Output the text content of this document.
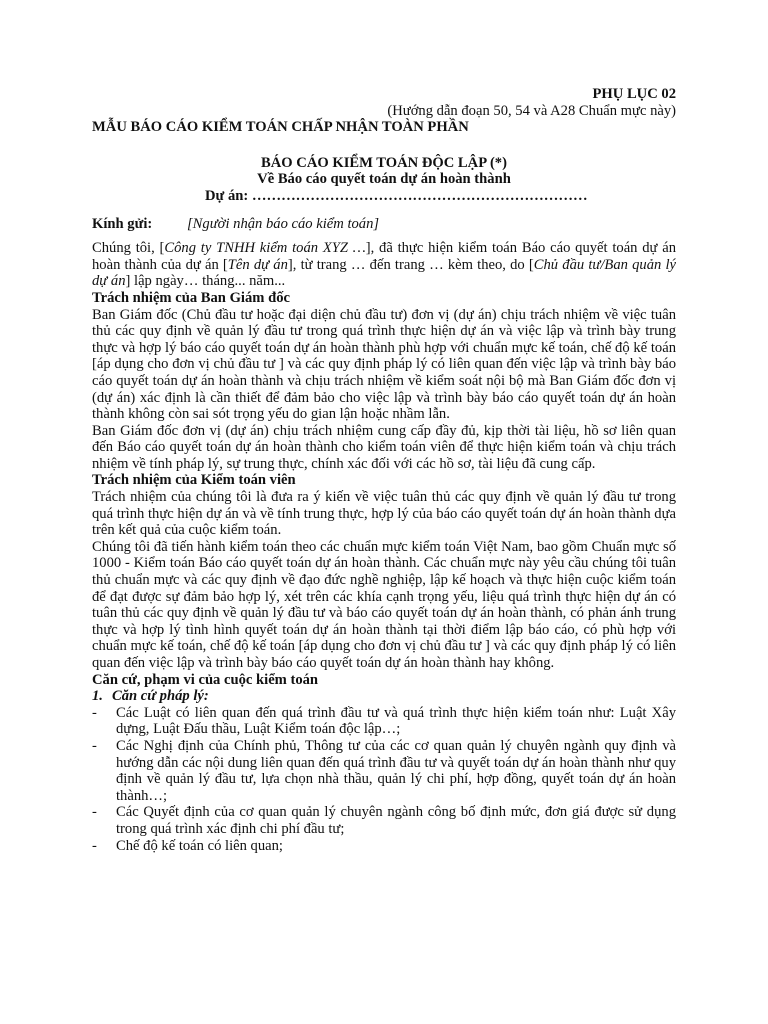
PHỤ LỤC 02

(Hướng dẫn đoạn 50, 54 và A28 Chuẩn mực này)

MẪU BÁO CÁO KIỂM TOÁN CHẤP NHẬN TOÀN PHẦN

BÁO CÁO KIỂM TOÁN ĐỘC LẬP (*)

Về Báo cáo quyết toán dự án hoàn thành

Dự án: ……………………………………………………………

Kính gửi:	[Người nhận báo cáo kiểm toán]

Chúng tôi, [Công ty TNHH kiểm toán XYZ …], đã thực hiện kiểm toán Báo cáo quyết toán dự án hoàn thành của dự án [Tên dự án], từ trang … đến trang … kèm theo, do [Chủ đầu tư/Ban quản lý dự án] lập ngày… tháng... năm...

Trách nhiệm của Ban Giám đốc

Ban Giám đốc (Chủ đầu tư hoặc đại diện chủ đầu tư) đơn vị (dự án) chịu trách nhiệm về việc tuân thủ các quy định về quản lý đầu tư trong quá trình thực hiện dự án và việc lập và trình bày trung thực và hợp lý báo cáo quyết toán dự án hoàn thành phù hợp với chuẩn mực kế toán, chế độ kế toán [áp dụng cho đơn vị chủ đầu tư ] và các quy định pháp lý có liên quan đến việc lập và trình bày báo cáo quyết toán dự án hoàn thành và chịu trách nhiệm về kiểm soát nội bộ mà Ban Giám đốc đơn vị (dự án) xác định là cần thiết để đảm bảo cho việc lập và trình bày báo cáo quyết toán dự án hoàn thành không còn sai sót trọng yếu do gian lận hoặc nhầm lẫn.

Ban Giám đốc đơn vị (dự án) chịu trách nhiệm cung cấp đầy đủ, kịp thời tài liệu, hồ sơ liên quan đến Báo cáo quyết toán dự án hoàn thành cho kiểm toán viên để thực hiện kiểm toán và chịu trách nhiệm về tính pháp lý, sự trung thực, chính xác đối với các hồ sơ, tài liệu đã cung cấp.

Trách nhiệm của Kiểm toán viên

Trách nhiệm của chúng tôi là đưa ra ý kiến về việc tuân thủ các quy định về quản lý đầu tư trong quá trình thực hiện dự án và về tính trung thực, hợp lý của báo cáo quyết toán dự án hoàn thành dựa trên kết quả của cuộc kiểm toán.

Chúng tôi đã tiến hành kiểm toán theo các chuẩn mực kiểm toán Việt Nam, bao gồm Chuẩn mực số 1000 - Kiểm toán Báo cáo quyết toán dự án hoàn thành. Các chuẩn mực này yêu cầu chúng tôi tuân thủ chuẩn mực và các quy định về đạo đức nghề nghiệp, lập kế hoạch và thực hiện cuộc kiểm toán để đạt được sự đảm bảo hợp lý, xét trên các khía cạnh trọng yếu, liệu quá trình thực hiện dự án có tuân thủ các quy định về quản lý đầu tư và báo cáo quyết toán dự án hoàn thành, có phản ánh trung thực và hợp lý tình hình quyết toán dự án hoàn thành tại thời điểm lập báo cáo, có phù hợp với chuẩn mực kế toán, chế độ kế toán [áp dụng cho đơn vị chủ đầu tư ] và các quy định pháp lý có liên quan đến việc lập và trình bày báo cáo quyết toán dự án hoàn thành hay không.

Căn cứ, phạm vi của cuộc kiểm toán

1. Căn cứ pháp lý:
-	Các Luật có liên quan đến quá trình đầu tư và quá trình thực hiện kiểm toán như: Luật Xây dựng, Luật Đấu thầu, Luật Kiểm toán độc lập…;
-	Các Nghị định của Chính phủ, Thông tư của các cơ quan quản lý chuyên ngành quy định và hướng dẫn các nội dung liên quan đến quá trình đầu tư và quyết toán dự án hoàn thành như quy định về quản lý đầu tư, lựa chọn nhà thầu, quản lý chi phí, hợp đồng, quyết toán dự án hoàn thành…;
-	Các Quyết định của cơ quan quản lý chuyên ngành công bố định mức, đơn giá được sử dụng trong quá trình xác định chi phí đầu tư;
-	Chế độ kế toán có liên quan;
